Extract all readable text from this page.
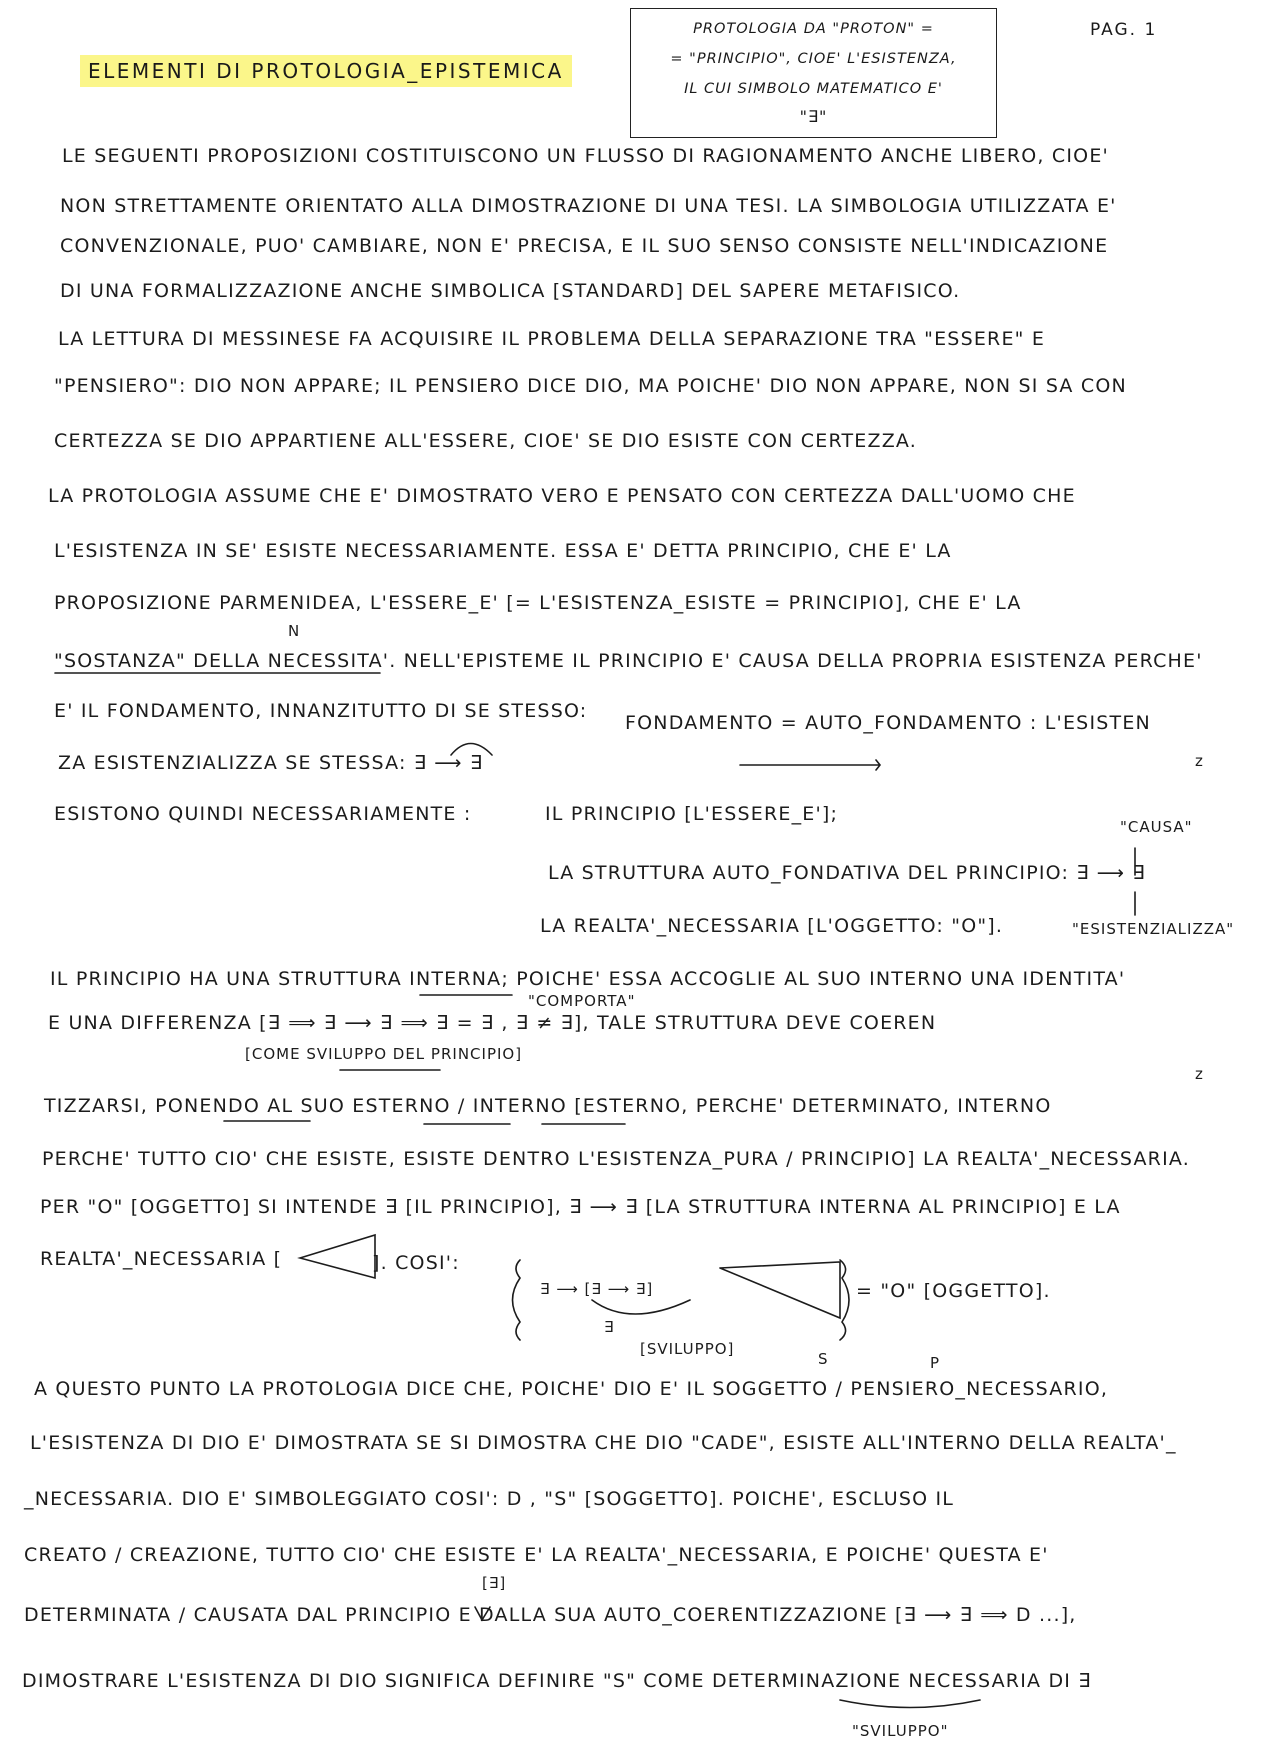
ELEMENTI DI PROTOLOGIA_EPISTEMICA
PAG. 1
PROTOLOGIA DA "PROTON" =
= "PRINCIPIO", CIOE' L'ESISTENZA,
IL CUI SIMBOLO MATEMATICO E'
"∃"
LE SEGUENTI PROPOSIZIONI COSTITUISCONO UN FLUSSO DI RAGIONAMENTO ANCHE LIBERO, CIOE'
NON STRETTAMENTE ORIENTATO ALLA DIMOSTRAZIONE DI UNA TESI. LA SIMBOLOGIA UTILIZZATA E'
CONVENZIONALE, PUO' CAMBIARE, NON E' PRECISA, E IL SUO SENSO CONSISTE NELL'INDICAZIONE
DI UNA FORMALIZZAZIONE ANCHE SIMBOLICA [STANDARD] DEL SAPERE METAFISICO.
LA LETTURA DI MESSINESE FA ACQUISIRE IL PROBLEMA DELLA SEPARAZIONE TRA "ESSERE" E
"PENSIERO": DIO NON APPARE; IL PENSIERO DICE DIO, MA POICHE' DIO NON APPARE, NON SI SA CON
CERTEZZA SE DIO APPARTIENE ALL'ESSERE, CIOE' SE DIO ESISTE CON CERTEZZA.
LA PROTOLOGIA ASSUME CHE E' DIMOSTRATO VERO E PENSATO CON CERTEZZA DALL'UOMO CHE
L'ESISTENZA IN SE' ESISTE NECESSARIAMENTE. ESSA E' DETTA PRINCIPIO, CHE E' LA
PROPOSIZIONE PARMENIDEA, L'ESSERE_E' [= L'ESISTENZA_ESISTE = PRINCIPIO], CHE E' LA
N
"SOSTANZA" DELLA NECESSITA'. NELL'EPISTEME IL PRINCIPIO E' CAUSA DELLA PROPRIA ESISTENZA PERCHE'
E' IL FONDAMENTO, INNANZITUTTO DI SE STESSO:
FONDAMENTO = AUTO_FONDAMENTO : L'ESISTEN
z
ZA ESISTENZIALIZZA SE STESSA: ∃ ⟶ ∃
ESISTONO QUINDI NECESSARIAMENTE :	IL PRINCIPIO [L'ESSERE_E'];
"CAUSA"
LA STRUTTURA AUTO_FONDATIVA DEL PRINCIPIO: ∃ ⟶ ∃
LA REALTA'_NECESSARIA [L'OGGETTO: "O"].	"ESISTENZIALIZZA"
IL PRINCIPIO HA UNA STRUTTURA INTERNA; POICHE' ESSA ACCOGLIE AL SUO INTERNO UNA IDENTITA'
"COMPORTA"
E UNA DIFFERENZA [∃ ⟹ ∃ ⟶ ∃ ⟹ ∃ = ∃ , ∃ ≠ ∃], TALE STRUTTURA DEVE COEREN
[COME SVILUPPO DEL PRINCIPIO]
z
TIZZARSI, PONENDO AL SUO ESTERNO / INTERNO [ESTERNO, PERCHE' DETERMINATO, INTERNO
PERCHE' TUTTO CIO' CHE ESISTE, ESISTE DENTRO L'ESISTENZA_PURA / PRINCIPIO] LA REALTA'_NECESSARIA.
PER "O" [OGGETTO] SI INTENDE ∃ [IL PRINCIPIO], ∃ ⟶ ∃ [LA STRUTTURA INTERNA AL PRINCIPIO] E LA
REALTA'_NECESSARIA [	]. COSI':
∃ ⟶ [∃ ⟶ ∃]
∃
= "O" [OGGETTO].
[SVILUPPO]
S	P
A QUESTO PUNTO LA PROTOLOGIA DICE CHE, POICHE' DIO E' IL SOGGETTO / PENSIERO_NECESSARIO,
L'ESISTENZA DI DIO E' DIMOSTRATA SE SI DIMOSTRA CHE DIO "CADE", ESISTE ALL'INTERNO DELLA REALTA'_
_NECESSARIA. DIO E' SIMBOLEGGIATO COSI': D , "S" [SOGGETTO]. POICHE', ESCLUSO IL
CREATO / CREAZIONE, TUTTO CIO' CHE ESISTE E' LA REALTA'_NECESSARIA, E POICHE' QUESTA E'
[∃]
DETERMINATA / CAUSATA DAL PRINCIPIO E DALLA SUA AUTO_COERENTIZZAZIONE [∃ ⟶ ∃ ⟹ D ...],
DIMOSTRARE L'ESISTENZA DI DIO SIGNIFICA DEFINIRE "S" COME DETERMINAZIONE NECESSARIA DI ∃
"SVILUPPO"
